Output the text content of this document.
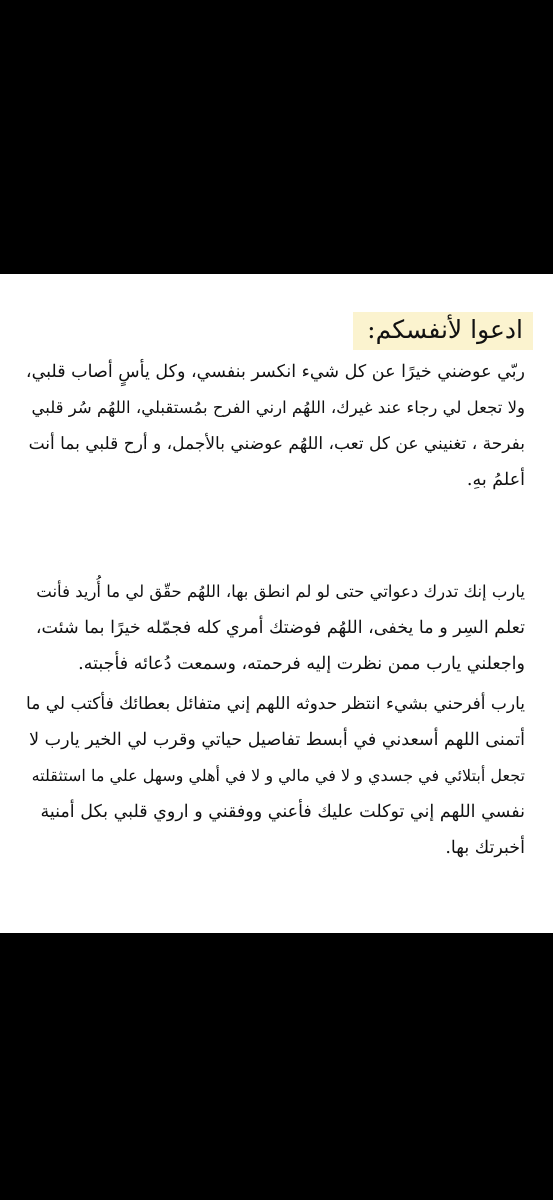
ادعوا لأنفسكم:
ربّي عوضني خيرًا عن كل شيء انكسر بنفسي، وكل يأسٍ أصاب قلبي،
ولا تجعل لي رجاء عند غيرك، اللهُم ارني الفرح بمُستقبلي، اللهُم سُر قلبي
بفرحة ، تغنيني عن كل تعب، اللهُم عوضني بالأجمل، و أرح قلبي بما أنت
أعلمُ بهِ.
يارب إنك تدرك دعواتي حتى لو لم انطق بها، اللهُم حقّق لي ما أُريد فأنت
تعلم السِر و ما يخفى، اللهُم فوضتك أمري كله فجمّله خيرًا بما شئت،
واجعلني يارب ممن نظرت إليه فرحمته، وسمعت دُعائه فأجبته.
يارب أفرحني بشيء انتظر حدوثه اللهم إني متفائل بعطائك فأكتب لي ما
أتمنى اللهم أسعدني في أبسط تفاصيل حياتي وقرب لي الخير يارب لا
تجعل أبتلائي في جسدي و لا في مالي و لا في أهلي وسهل علي ما استثقلته
نفسي اللهم إني توكلت عليك فأعني ووفقني و اروي قلبي بكل أمنية
أخبرتك بها.
